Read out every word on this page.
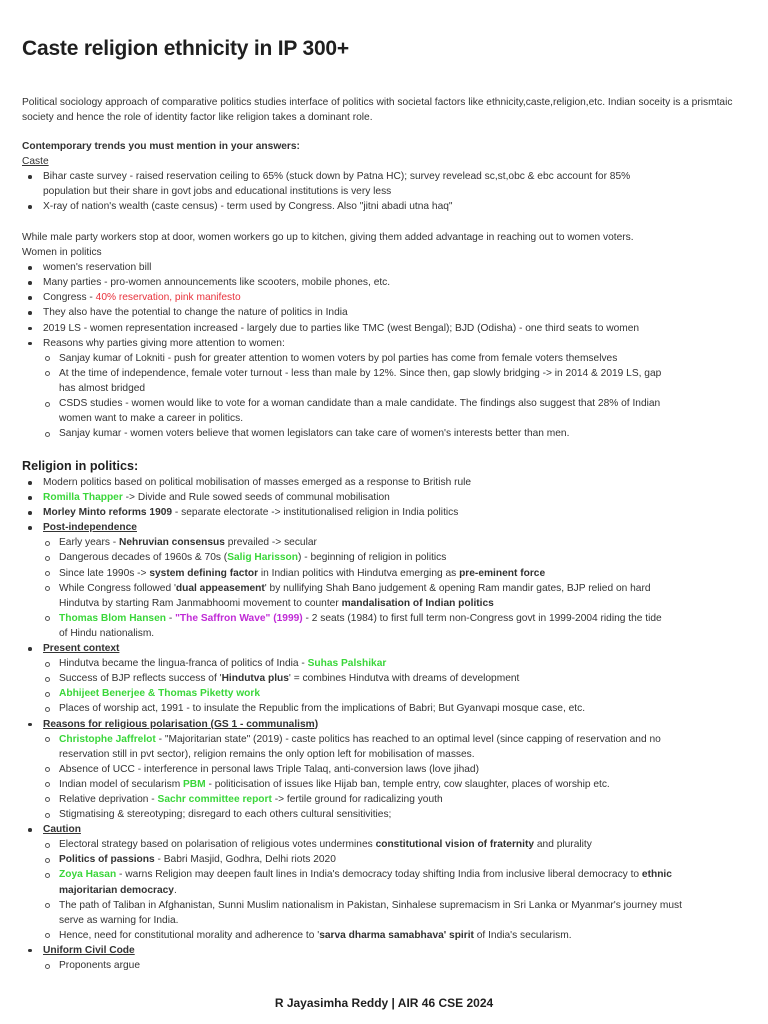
Caste religion ethnicity in IP 300+

Political sociology approach of comparative politics studies interface of politics with societal factors like ethnicity,caste,religion,etc. Indian soceity is a prismtaic society and hence the role of identity factor like religion takes a dominant role.

Contemporary trends you must mention in your answers:
Caste
Bihar caste survey - raised reservation ceiling to 65% (stuck down by Patna HC); survey revelead sc,st,obc & ebc account for 85%
population but their share in govt jobs and educational institutions is very less
X-ray of nation's wealth (caste census) - term used by Congress. Also "jitni abadi utna haq"
While male party workers stop at door, women workers go up to kitchen, giving them added advantage in reaching out to women voters.
Women in politics
women's reservation bill
Many parties - pro-women announcements like scooters, mobile phones, etc.
Congress - 40% reservation, pink manifesto
They also have the potential to change the nature of politics in India
2019 LS - women representation increased - largely due to parties like TMC (west Bengal); BJD (Odisha) - one third seats to women
Reasons why parties giving more attention to women:
Sanjay kumar of Lokniti - push for greater attention to women voters by pol parties has come from female voters themselves
At the time of independence, female voter turnout - less than male by 12%. Since then, gap slowly bridging -> in 2014 & 2019 LS, gap
has almost bridged
CSDS studies - women would like to vote for a woman candidate than a male candidate. The findings also suggest that 28% of Indian
women want to make a career in politics.
Sanjay kumar - women voters believe that women legislators can take care of women's interests better than men.
Religion in politics:
Modern politics based on political mobilisation of masses emerged as a response to British rule
Romilla Thapper -> Divide and Rule sowed seeds of communal mobilisation
Morley Minto reforms 1909 - separate electorate -> institutionalised religion in India politics
Post-independence
Early years - Nehruvian consensus prevailed -> secular
Dangerous decades of 1960s & 70s (Salig Harisson) - beginning of religion in politics
Since late 1990s -> system defining factor in Indian politics with Hindutva emerging as pre-eminent force
While Congress followed 'dual appeasement' by nullifying Shah Bano judgement & opening Ram mandir gates, BJP relied on hard
Hindutva by starting Ram Janmabhoomi movement to counter mandalisation of Indian politics
Thomas Blom Hansen - "The Saffron Wave" (1999) - 2 seats (1984) to first full term non-Congress govt in 1999-2004 riding the tide
of Hindu nationalism.
Present context
Hindutva became the lingua-franca of politics of India - Suhas Palshikar
Success of BJP reflects success of 'Hindutva plus' = combines Hindutva with dreams of development
Abhijeet Benerjee & Thomas Piketty work
Places of worship act, 1991 - to insulate the Republic from the implications of Babri; But Gyanvapi mosque case, etc.
Reasons for religious polarisation (GS 1 - communalism)
Christophe Jaffrelot - "Majoritarian state" (2019) - caste politics has reached to an optimal level (since capping of reservation and no
reservation still in pvt sector), religion remains the only option left for mobilisation of masses.
Absence of UCC - interference in personal laws Triple Talaq, anti-conversion laws (love jihad)
Indian model of secularism PBM - politicisation of issues like Hijab ban, temple entry, cow slaughter, places of worship etc.
Relative deprivation - Sachr committee report -> fertile ground for radicalizing youth
Stigmatising & stereotyping; disregard to each others cultural sensitivities;
Caution
Electoral strategy based on polarisation of religious votes undermines constitutional vision of fraternity and plurality
Politics of passions - Babri Masjid, Godhra, Delhi riots 2020
Zoya Hasan - warns Religion may deepen fault lines in India's democracy today shifting India from inclusive liberal democracy to ethnic
majoritarian democracy.
The path of Taliban in Afghanistan, Sunni Muslim nationalism in Pakistan, Sinhalese supremacism in Sri Lanka or Myanmar's journey must
serve as warning for India.
Hence, need for constitutional morality and adherence to 'sarva dharma samabhava' spirit of India's secularism.
Uniform Civil Code
Proponents argue
R Jayasimha Reddy | AIR 46 CSE 2024
